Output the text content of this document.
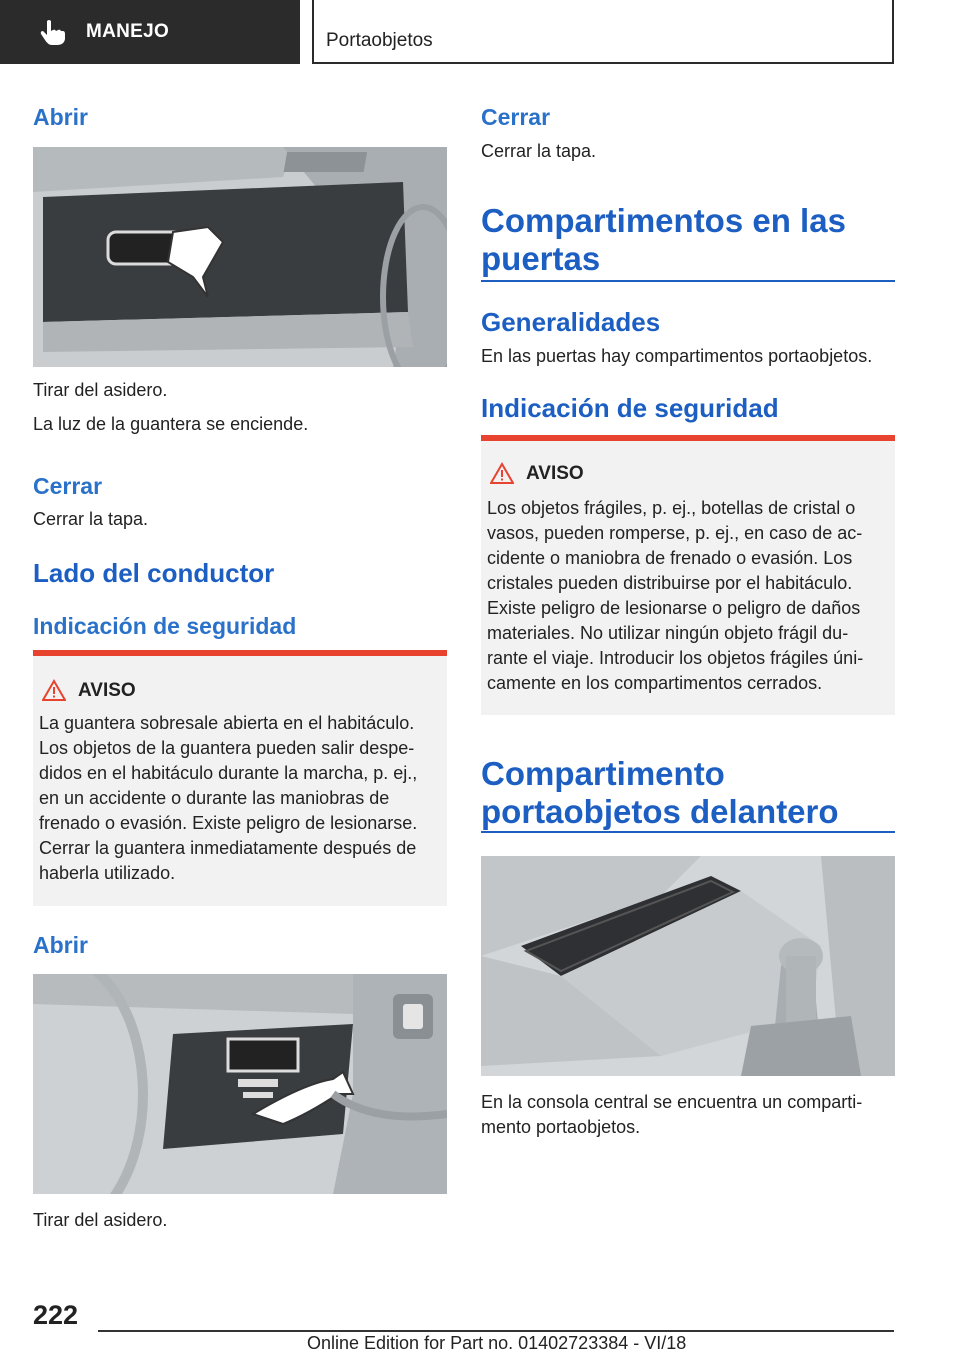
MANEJO	Portaobjetos
Abrir
Tirar del asidero.
La luz de la guantera se enciende.
Cerrar
Cerrar la tapa.
Lado del conductor
Indicación de seguridad
AVISO
La guantera sobresale abierta en el habitáculo.
Los objetos de la guantera pueden salir despe-
didos en el habitáculo durante la marcha, p. ej.,
en un accidente o durante las maniobras de
frenado o evasión. Existe peligro de lesionarse.
Cerrar la guantera inmediatamente después de
haberla utilizado.
Abrir
Tirar del asidero.
Cerrar
Cerrar la tapa.
Compartimentos en las
puertas
Generalidades
En las puertas hay compartimentos portaobjetos.
Indicación de seguridad
AVISO
Los objetos frágiles, p. ej., botellas de cristal o
vasos, pueden romperse, p. ej., en caso de ac-
cidente o maniobra de frenado o evasión. Los
cristales pueden distribuirse por el habitáculo.
Existe peligro de lesionarse o peligro de daños
materiales. No utilizar ningún objeto frágil du-
rante el viaje. Introducir los objetos frágiles úni-
camente en los compartimentos cerrados.
Compartimento
portaobjetos delantero
En la consola central se encuentra un comparti-
mento portaobjetos.
222
Online Edition for Part no. 01402723384 - VI/18
